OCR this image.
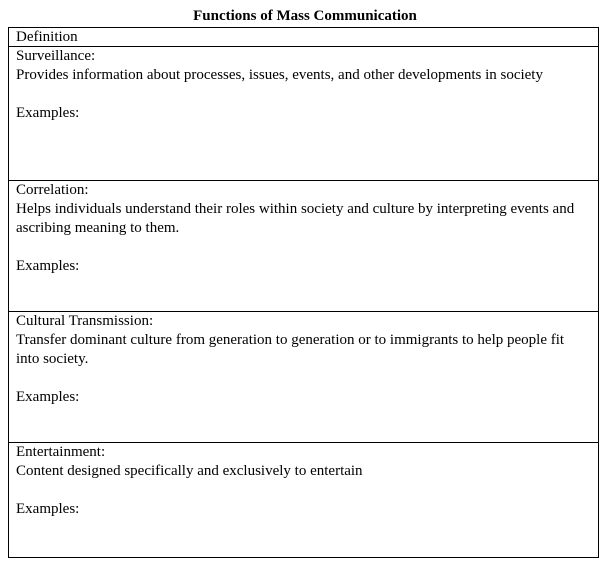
Functions of Mass Communication
Definition
Surveillance:
Provides information about processes, issues, events, and other developments in society
Examples:
Correlation:
Helps individuals understand their roles within society and culture by interpreting events and ascribing meaning to them.
Examples:
Cultural Transmission:
Transfer dominant culture from generation to generation or to immigrants to help people fit into society.
Examples:
Entertainment:
Content designed specifically and exclusively to entertain
Examples:
